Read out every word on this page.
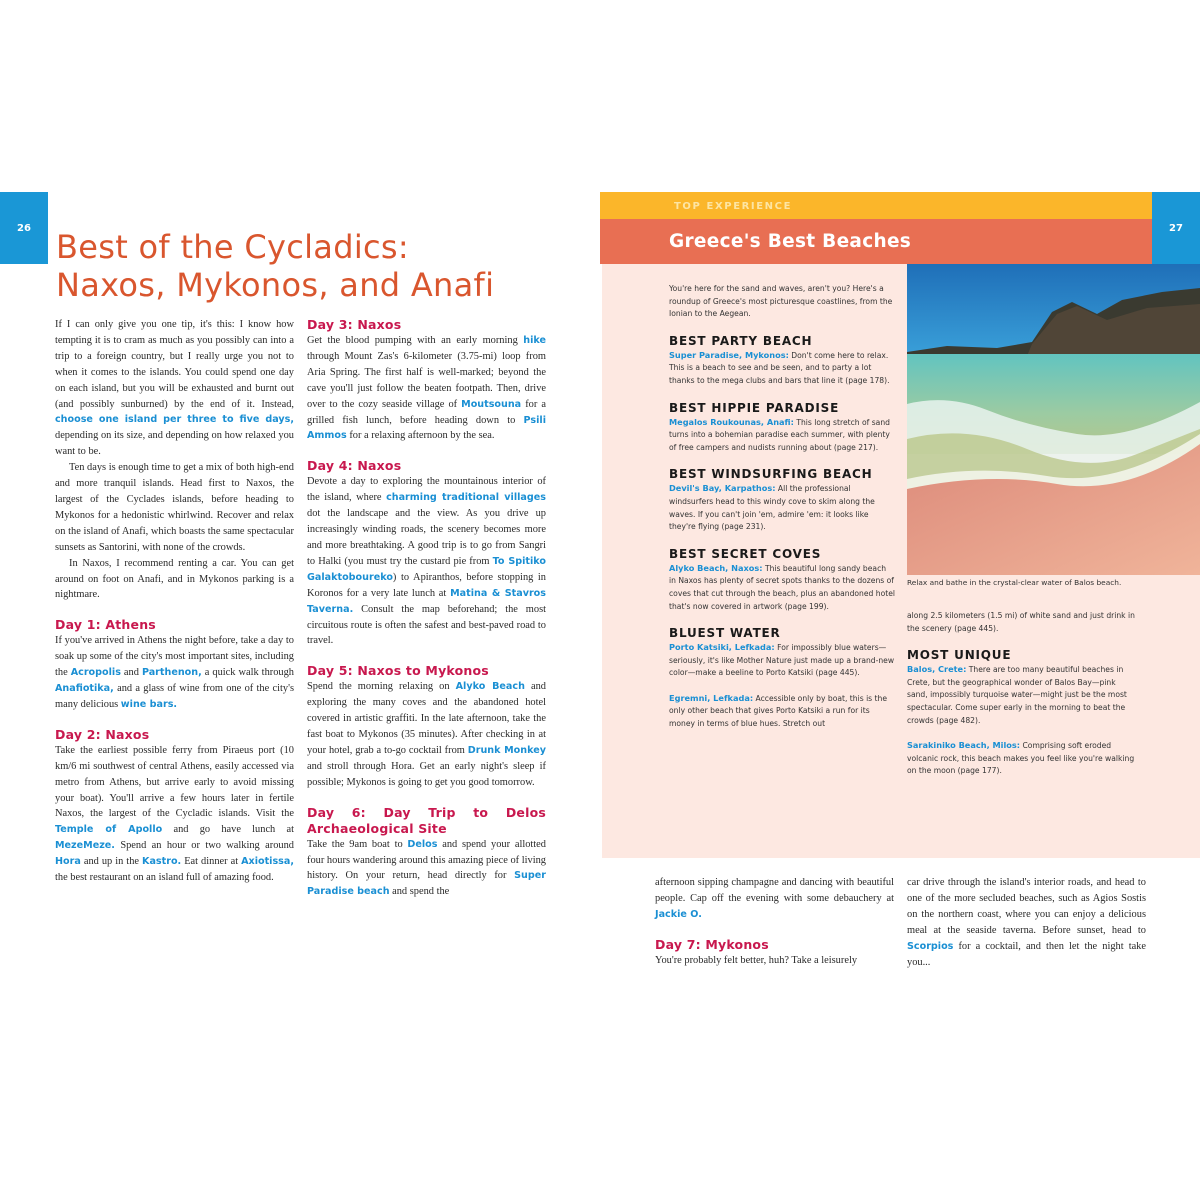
26 Best of the Cycladics:
Naxos, Mykonos, and Anafi

If I can only give you one tip, it's this: I know how tempting it is to cram as much as you possibly can into a trip to a foreign country, but I really urge you not to when it comes to the islands. You could spend one day on each island, but you will be exhausted and burnt out (and possibly sunburned) by the end of it. Instead, choose one island per three to five days, depending on its size, and depending on how relaxed you want to be.

Ten days is enough time to get a mix of both high-end and more tranquil islands. Head first to Naxos, the largest of the Cyclades islands, before heading to Mykonos for a hedonistic whirlwind. Recover and relax on the island of Anafi, which boasts the same spectacular sunsets as Santorini, with none of the crowds.

In Naxos, I recommend renting a car. You can get around on foot on Anafi, and in Mykonos parking is a nightmare.

Day 1: Athens

If you've arrived in Athens the night before, take a day to soak up some of the city's most important sites, including the Acropolis and Parthenon, a quick walk through Anafiotika, and a glass of wine from one of the city's many delicious wine bars.

Day 2: Naxos

Take the earliest possible ferry from Piraeus port (10 km/6 mi southwest of central Athens, easily accessed via metro from Athens, but arrive early to avoid missing your boat). You'll arrive a few hours later in fertile Naxos, the largest of the Cycladic islands. Visit the Temple of Apollo and go have lunch at MezeMeze. Spend an hour or two walking around Hora and up in the Kastro. Eat dinner at Axiotissa, the best restaurant on an island full of amazing food.

Day 3: Naxos

Get the blood pumping with an early morning hike through Mount Zas's 6-kilometer (3.75-mi) loop from Aria Spring. The first half is well-marked; beyond the cave you'll just follow the beaten footpath. Then, drive over to the cozy seaside village of Moutsouna for a grilled fish lunch, before heading down to Psili Ammos for a relaxing afternoon by the sea.

Day 4: Naxos

Devote a day to exploring the mountainous interior of the island, where charming traditional villages dot the landscape and the view. As you drive up increasingly winding roads, the scenery becomes more and more breathtaking. A good trip is to go from Sangri to Halki (you must try the custard pie from To Spitiko Galaktoboureko) to Apiranthos, before stopping in Koronos for a very late lunch at Matina & Stavros Taverna. Consult the map beforehand; the most circuitous route is often the safest and best-paved road to travel.

Day 5: Naxos to Mykonos

Spend the morning relaxing on Alyko Beach and exploring the many coves and the abandoned hotel covered in artistic graffiti. In the late afternoon, take the fast boat to Mykonos (35 minutes). After checking in at your hotel, grab a to-go cocktail from Drunk Monkey and stroll through Hora. Get an early night's sleep if possible; Mykonos is going to get you good tomorrow.

Day 6: Day Trip to Delos Archaeological Site

Take the 9am boat to Delos and spend your allotted four hours wandering around this amazing piece of living history. On your return, head directly for Super Paradise beach and spend the

TOP EXPERIENCE
Greece's Best Beaches
27
Relax and bathe in the crystal-clear water of Balos beach.

You're here for the sand and waves, aren't you? Here's a roundup of Greece's most picturesque coastlines, from the Ionian to the Aegean.

BEST PARTY BEACH

Super Paradise, Mykonos: Don't come here to relax. This is a beach to see and be seen, and to party a lot thanks to the mega clubs and bars that line it (page 178).

BEST HIPPIE PARADISE

Megalos Roukounas, Anafi: This long stretch of sand turns into a bohemian paradise each summer, with plenty of free campers and nudists running about (page 217).

BEST WINDSURFING BEACH

Devil's Bay, Karpathos: All the professional windsurfers head to this windy cove to skim along the waves. If you can't join 'em, admire 'em: it looks like they're flying (page 231).

BEST SECRET COVES

Alyko Beach, Naxos: This beautiful long sandy beach in Naxos has plenty of secret spots thanks to the dozens of coves that cut through the beach, plus an abandoned hotel that's now covered in artwork (page 199).

BLUEST WATER

Porto Katsiki, Lefkada: For impossibly blue waters—seriously, it's like Mother Nature just made up a brand-new color—make a beeline to Porto Katsiki (page 445).

Egremni, Lefkada: Accessible only by boat, this is the only other beach that gives Porto Katsiki a run for its money in terms of blue hues. Stretch out

along 2.5 kilometers (1.5 mi) of white sand and just drink in the scenery (page 445).

MOST UNIQUE

Balos, Crete: There are too many beautiful beaches in Crete, but the geographical wonder of Balos Bay—pink sand, impossibly turquoise water—might just be the most spectacular. Come super early in the morning to beat the crowds (page 482).

Sarakiniko Beach, Milos: Comprising soft eroded volcanic rock, this beach makes you feel like you're walking on the moon (page 177).

afternoon sipping champagne and dancing with beautiful people. Cap off the evening with some debauchery at Jackie O.

Day 7: Mykonos

You're probably felt better, huh? Take a leisurely

car drive through the island's interior roads, and head to one of the more secluded beaches, such as Agios Sostis on the northern coast, where you can enjoy a delicious meal at the seaside taverna. Before sunset, head to Scorpios for a cocktail, and then let the night take you...
